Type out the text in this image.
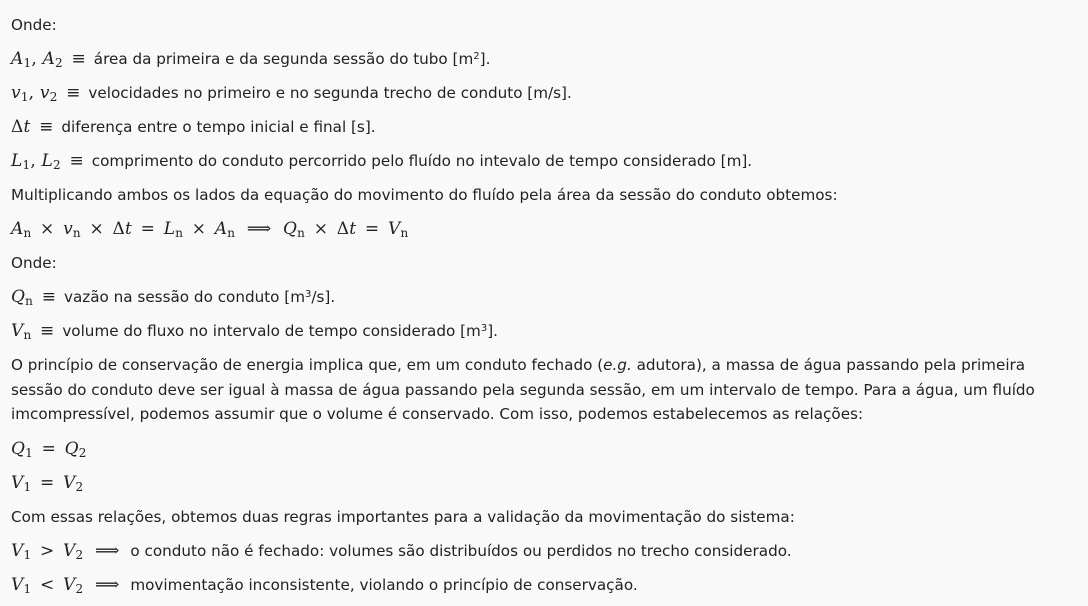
Onde:

$A_1$, $A_2$ ≡ área da primeira e da segunda sessão do tubo $[m^2]$.

$v_1$, $v_2$ ≡ velocidades no primeiro e no segunda trecho de conduto [m/s].

Δt ≡ diferença entre o tempo inicial e final [s].

$L_1$, $L_2$ ≡ comprimento do conduto percorrido pelo fluído no intevalo de tempo considerado [m].

Multiplicando ambos os lados da equação do movimento do fluído pela área da sessão do conduto obtemos:

$A_n \times v_n \times \Delta t = L_n \times A_n$ ⟹ $Q_n \times \Delta t = V_n$

Onde:

$Q_n$ ≡ vazão na sessão do conduto $[m^3/s]$.

$V_n$ ≡ volume do fluxo no intervalo de tempo considerado $[m^3]$.

O princípio de conservação de energia implica que, em um conduto fechado (e.g. adutora), a massa de água passando pela primeira sessão do conduto deve ser igual à massa de água passando pela segunda sessão, em um intervalo de tempo. Para a água, um fluído imcompressível, podemos assumir que o volume é conservado. Com isso, podemos estabelecemos as relações:

$Q_1 = Q_2$

$V_1 = V_2$

Com essas relações, obtemos duas regras importantes para a validação da movimentação do sistema:

$V_1 > V_2$ ⟹ o conduto não é fechado: volumes são distribuídos ou perdidos no trecho considerado.

$V_1 < V_2$ ⟹ movimentação inconsistente, violando o princípio de conservação.
